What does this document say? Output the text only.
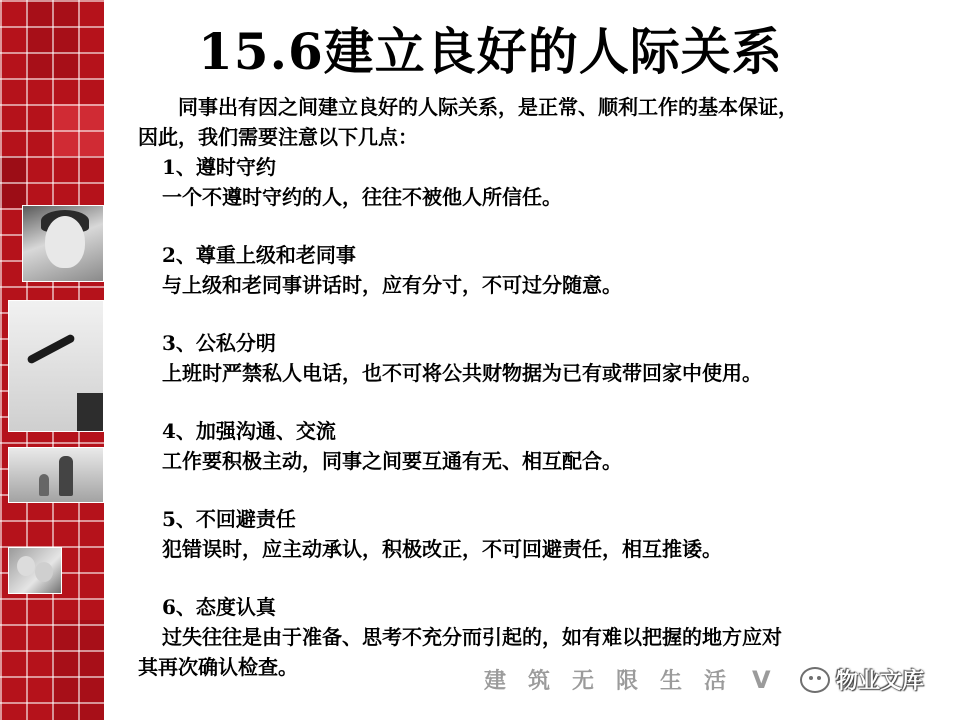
15.6建立良好的人际关系
同事出有因之间建立良好的人际关系，是正常、顺利工作的基本保证，
因此，我们需要注意以下几点：
1、遵时守约
一个不遵时守约的人，往往不被他人所信任。
2、尊重上级和老同事
与上级和老同事讲话时，应有分寸，不可过分随意。
3、公私分明
上班时严禁私人电话，也不可将公共财物据为已有或带回家中使用。
4、加强沟通、交流
工作要积极主动，同事之间要互通有无、相互配合。
5、不回避责任
犯错误时，应主动承认，积极改正，不可回避责任，相互推诿。
6、态度认真
过失往往是由于准备、思考不充分而引起的，如有难以把握的地方应对
其再次确认检查。
建筑无限生活 V	物业文库
